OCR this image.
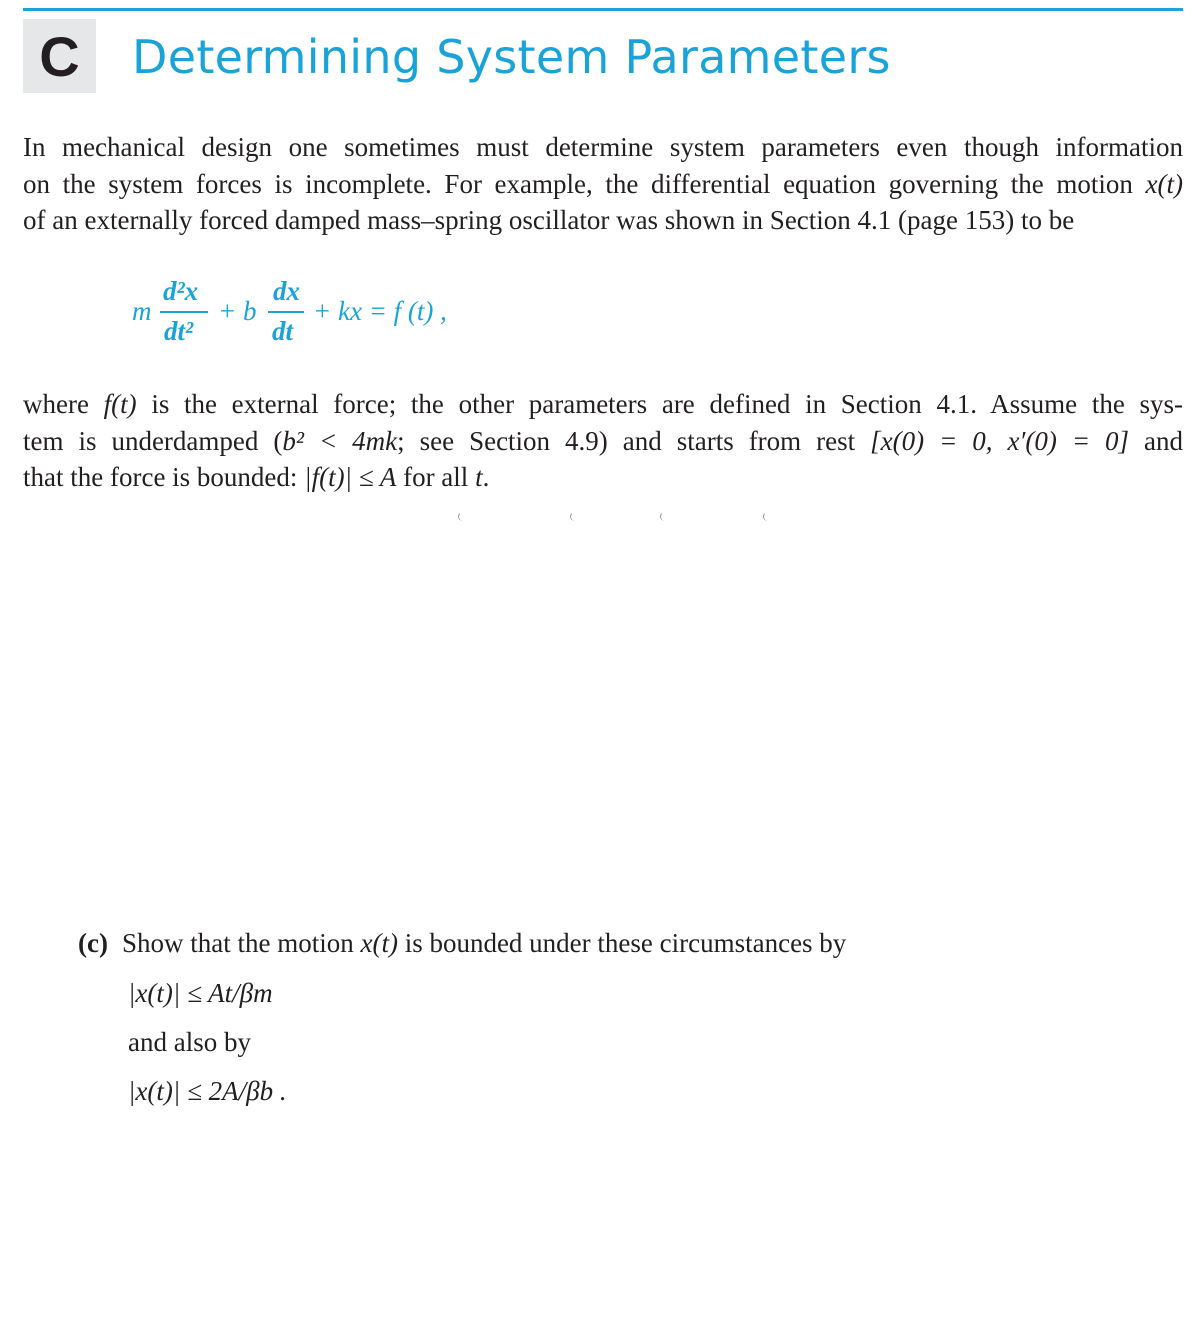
C	Determining System Parameters
In mechanical design one sometimes must determine system parameters even though information
on the system forces is incomplete. For example, the differential equation governing the motion x(t)
of an externally forced damped mass–spring oscillator was shown in Section 4.1 (page 153) to be
m
d²x
dt²
+ b
dx
dt
+ kx = f (t) ,
where f(t) is the external force; the other parameters are defined in Section 4.1. Assume the sys-
tem is underdamped (b² < 4mk; see Section 4.9) and starts from rest [x(0) = 0, x′(0) = 0] and
that the force is bounded: |f(t)| ≤ A for all t.
(c) Show that the motion x(t) is bounded under these circumstances by
|x(t)| ≤ At/βm
and also by
|x(t)| ≤ 2A/βb .
